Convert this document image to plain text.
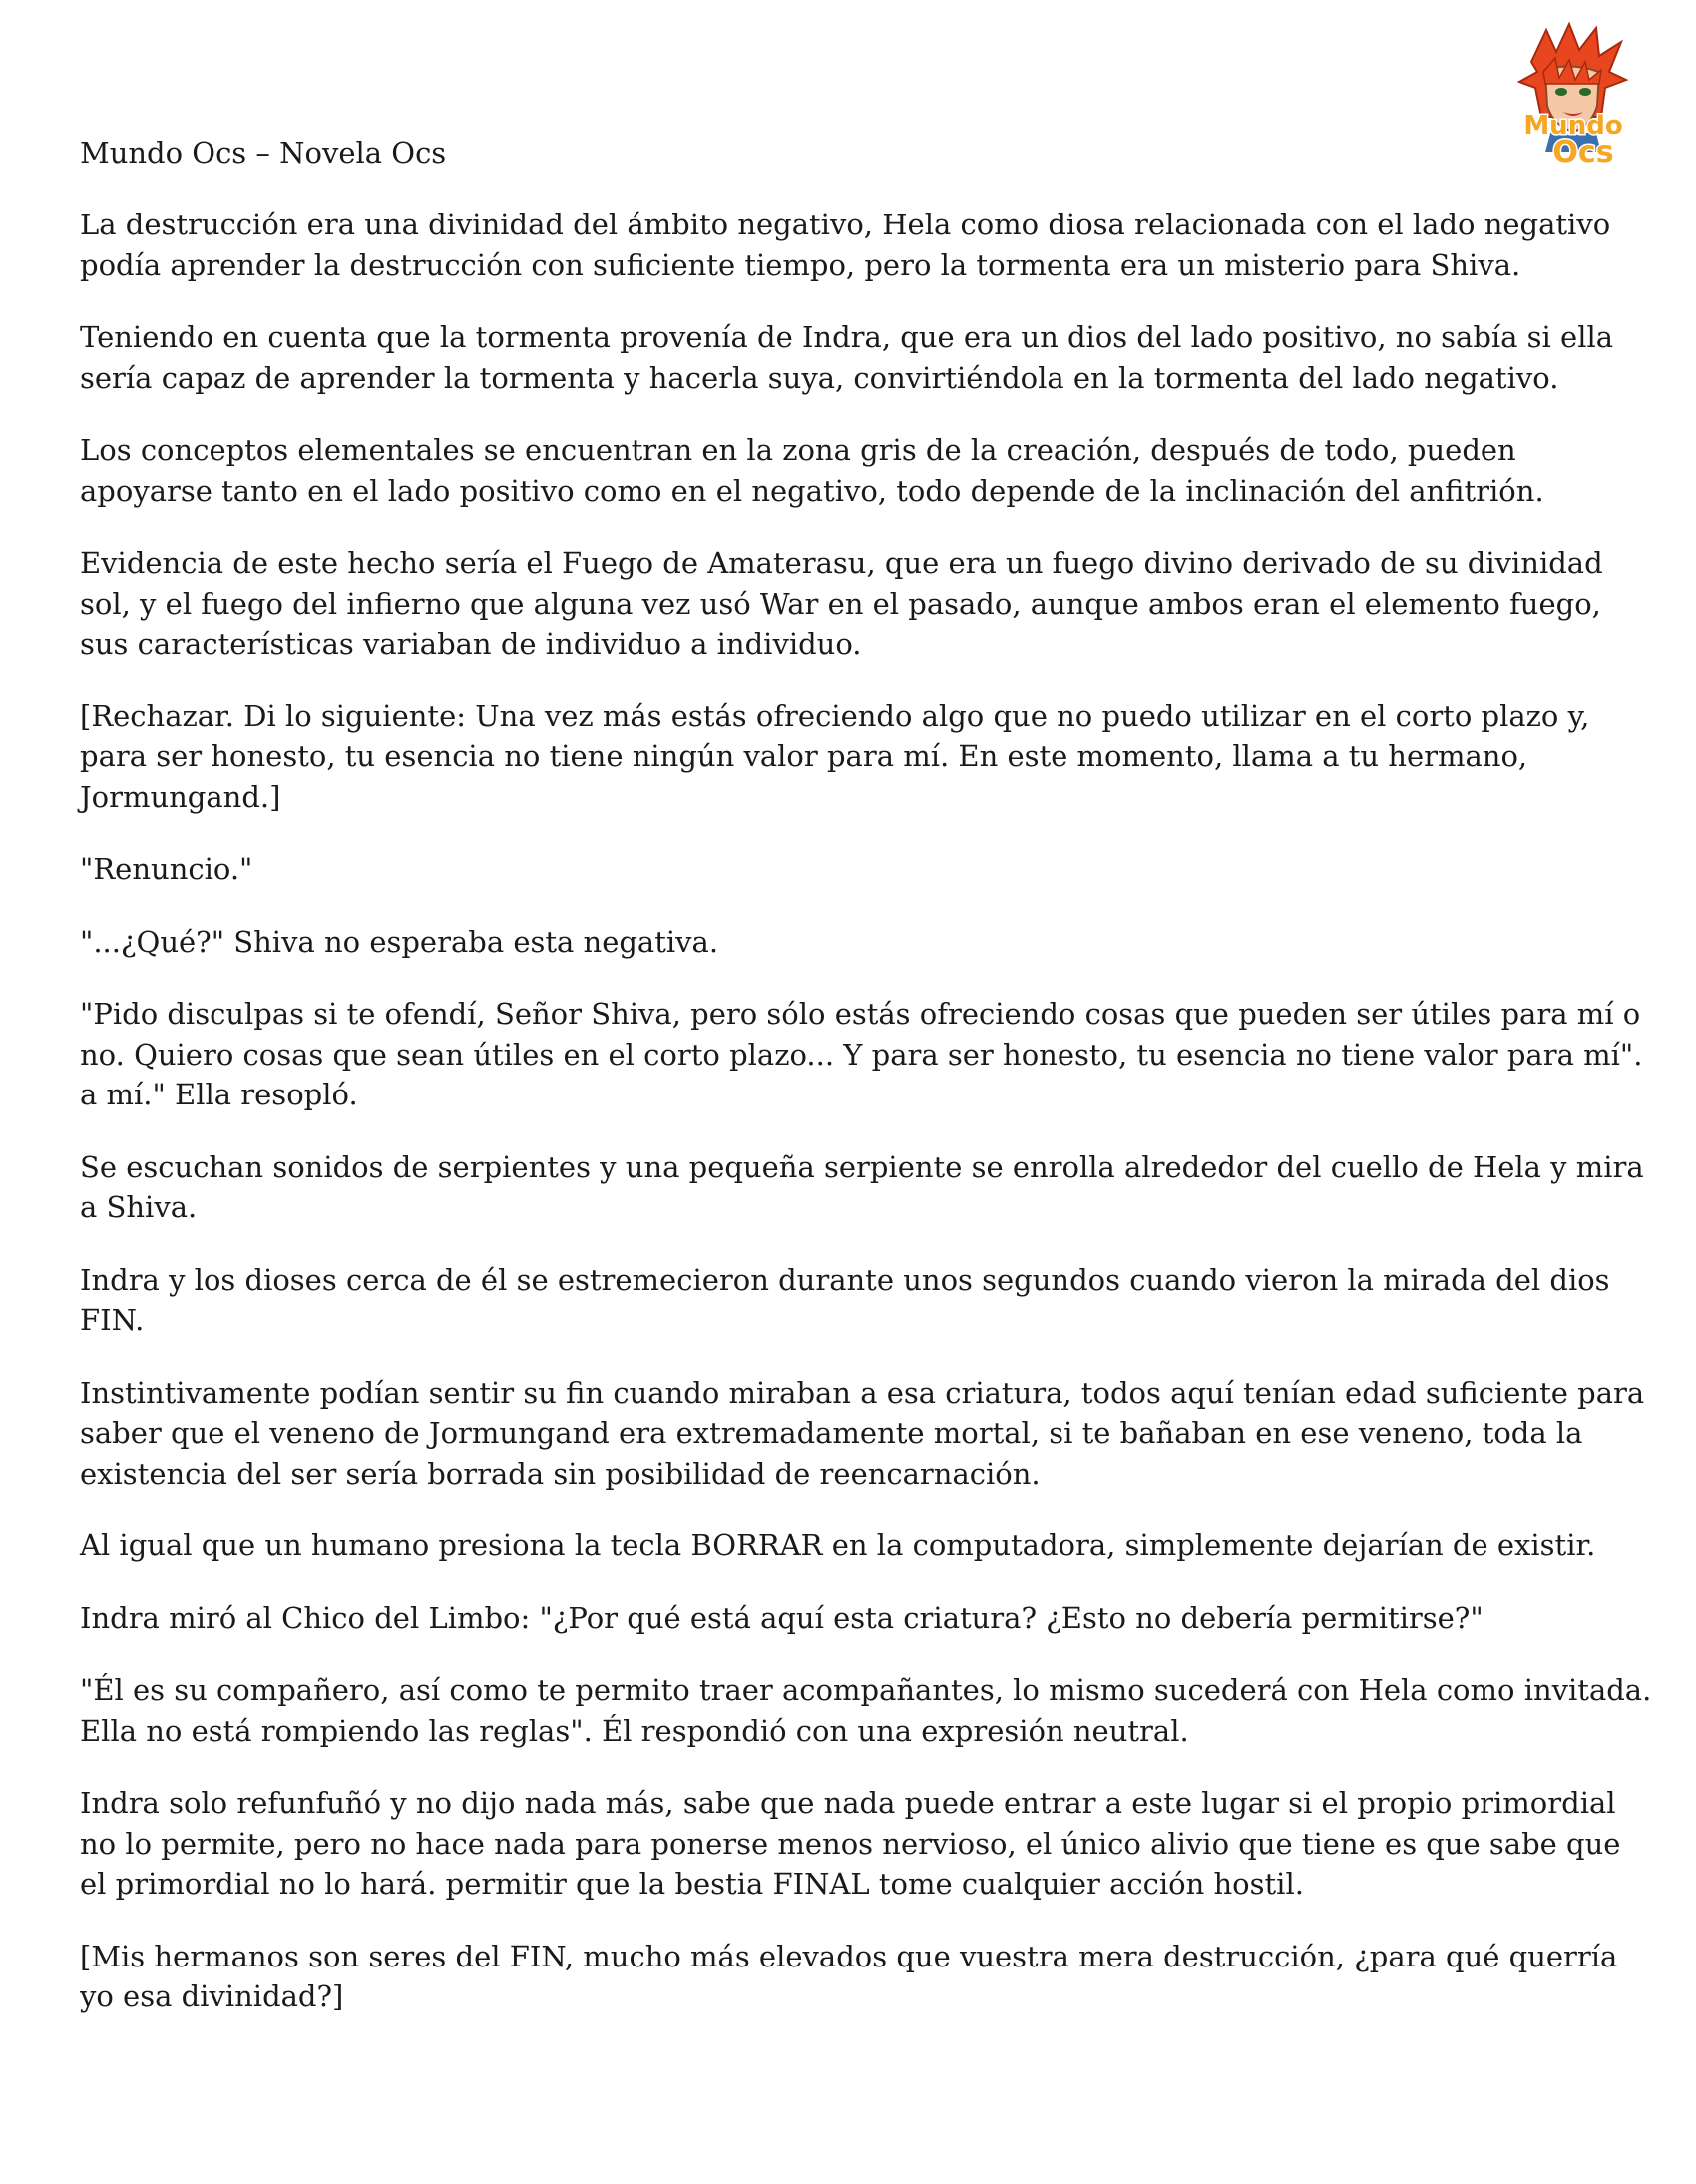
Mundo
Ocs
Mundo Ocs – Novela Ocs

La destrucción era una divinidad del ámbito negativo, Hela como diosa relacionada con el lado negativo podía aprender la destrucción con suficiente tiempo, pero la tormenta era un misterio para Shiva.

Teniendo en cuenta que la tormenta provenía de Indra, que era un dios del lado positivo, no sabía si ella sería capaz de aprender la tormenta y hacerla suya, convirtiéndola en la tormenta del lado negativo.

Los conceptos elementales se encuentran en la zona gris de la creación, después de todo, pueden apoyarse tanto en el lado positivo como en el negativo, todo depende de la inclinación del anfitrión.

Evidencia de este hecho sería el Fuego de Amaterasu, que era un fuego divino derivado de su divinidad sol, y el fuego del infierno que alguna vez usó War en el pasado, aunque ambos eran el elemento fuego, sus características variaban de individuo a individuo.

[Rechazar. Di lo siguiente: Una vez más estás ofreciendo algo que no puedo utilizar en el corto plazo y, para ser honesto, tu esencia no tiene ningún valor para mí. En este momento, llama a tu hermano, Jormungand.]

"Renuncio."

"...¿Qué?" Shiva no esperaba esta negativa.

"Pido disculpas si te ofendí, Señor Shiva, pero sólo estás ofreciendo cosas que pueden ser útiles para mí o no. Quiero cosas que sean útiles en el corto plazo... Y para ser honesto, tu esencia no tiene valor para mí". a mí." Ella resopló.

Se escuchan sonidos de serpientes y una pequeña serpiente se enrolla alrededor del cuello de Hela y mira a Shiva.

Indra y los dioses cerca de él se estremecieron durante unos segundos cuando vieron la mirada del dios FIN.

Instintivamente podían sentir su fin cuando miraban a esa criatura, todos aquí tenían edad suficiente para saber que el veneno de Jormungand era extremadamente mortal, si te bañaban en ese veneno, toda la existencia del ser sería borrada sin posibilidad de reencarnación.

Al igual que un humano presiona la tecla BORRAR en la computadora, simplemente dejarían de existir.

Indra miró al Chico del Limbo: "¿Por qué está aquí esta criatura? ¿Esto no debería permitirse?"

"Él es su compañero, así como te permito traer acompañantes, lo mismo sucederá con Hela como invitada. Ella no está rompiendo las reglas". Él respondió con una expresión neutral.

Indra solo refunfuñó y no dijo nada más, sabe que nada puede entrar a este lugar si el propio primordial no lo permite, pero no hace nada para ponerse menos nervioso, el único alivio que tiene es que sabe que el primordial no lo hará. permitir que la bestia FINAL tome cualquier acción hostil.

[Mis hermanos son seres del FIN, mucho más elevados que vuestra mera destrucción, ¿para qué querría yo esa divinidad?]
